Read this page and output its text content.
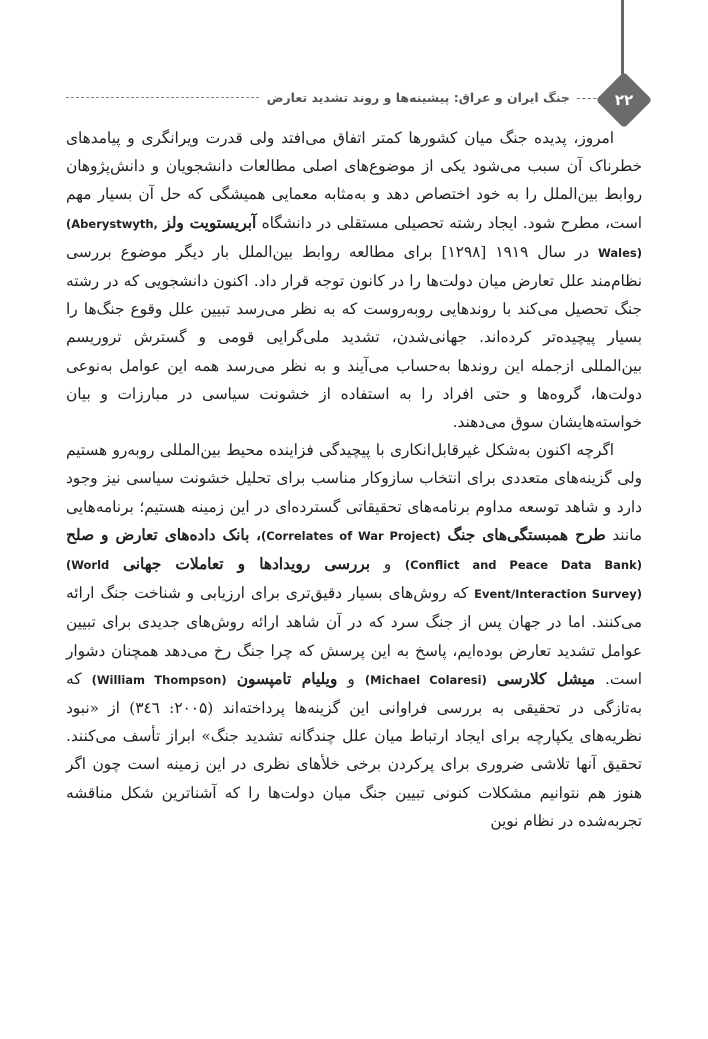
۲۲
----
جنگ ایران و عراق: پیشینه‌ها و روند تشدید تعارض

امروز، پدیده جنگ میان کشورها کمتر اتفاق می‌افتد ولی قدرت ویرانگری و پیامدهای خطرناک آن سبب می‌شود یکی از موضوع‌های اصلی مطالعات دانشجویان و دانش‌پژوهان روابط بین‌الملل را به خود اختصاص دهد و به‌مثابه معمایی همیشگی که حل آن بسیار مهم است، مطرح شود. ایجاد رشته تحصیلی مستقلی در دانشگاه آبریستویت ولز (Aberystwyth, Wales) در سال ۱۹۱۹ [۱۲۹۸] برای مطالعه روابط بین‌الملل بار دیگر موضوع بررسی نظام‌مند علل تعارض میان دولت‌ها را در کانون توجه قرار داد. اکنون دانشجویی که در رشته جنگ تحصیل می‌کند با روندهایی روبه‌روست که به نظر می‌رسد تبیین علل وقوع جنگ‌ها را بسیار پیچیده‌تر کرده‌اند. جهانی‌شدن، تشدید ملی‌گرایی قومی و گسترش تروریسم بین‌المللی ازجمله این روندها به‌حساب می‌آیند و به نظر می‌رسد همه این عوامل به‌نوعی دولت‌ها، گروه‌ها و حتی افراد را به استفاده از خشونت سیاسی در مبارزات و بیان خواسته‌هایشان سوق می‌دهند.

اگرچه اکنون به‌شکل غیرقابل‌انکاری با پیچیدگی فزاینده محیط بین‌المللی روبه‌رو هستیم ولی گزینه‌های متعددی برای انتخاب سازوکار مناسب برای تحلیل خشونت سیاسی نیز وجود دارد و شاهد توسعه مداوم برنامه‌های تحقیقاتی گسترده‌ای در این زمینه هستیم؛ برنامه‌هایی مانند طرح همبستگی‌های جنگ (Correlates of War Project)، بانک داده‌های تعارض و صلح (Conflict and Peace Data Bank) و بررسی رویدادها و تعاملات جهانی (World Event/Interaction Survey) که روش‌های بسیار دقیق‌تری برای ارزیابی و شناخت جنگ ارائه می‌کنند. اما در جهان پس از جنگ سرد که در آن شاهد ارائه روش‌های جدیدی برای تبیین عوامل تشدید تعارض بوده‌ایم، پاسخ به این پرسش که چرا جنگ رخ می‌دهد همچنان دشوار است. میشل کلارسی (Michael Colaresi) و ویلیام تامپسون (William Thompson) که به‌تازگی در تحقیقی به بررسی فراوانی این گزینه‌ها پرداخته‌اند (۲۰۰۵: ۳٤٦) از «نبود نظریه‌های یکپارچه برای ایجاد ارتباط میان علل چندگانه تشدید جنگ» ابراز تأسف می‌کنند. تحقیق آنها تلاشی ضروری برای پرکردن برخی خلأهای نظری در این زمینه است چون اگر هنوز هم نتوانیم مشکلات کنونی تبیین جنگ میان دولت‌ها را که آشناترین شکل مناقشه تجربه‌شده در نظام نوین
